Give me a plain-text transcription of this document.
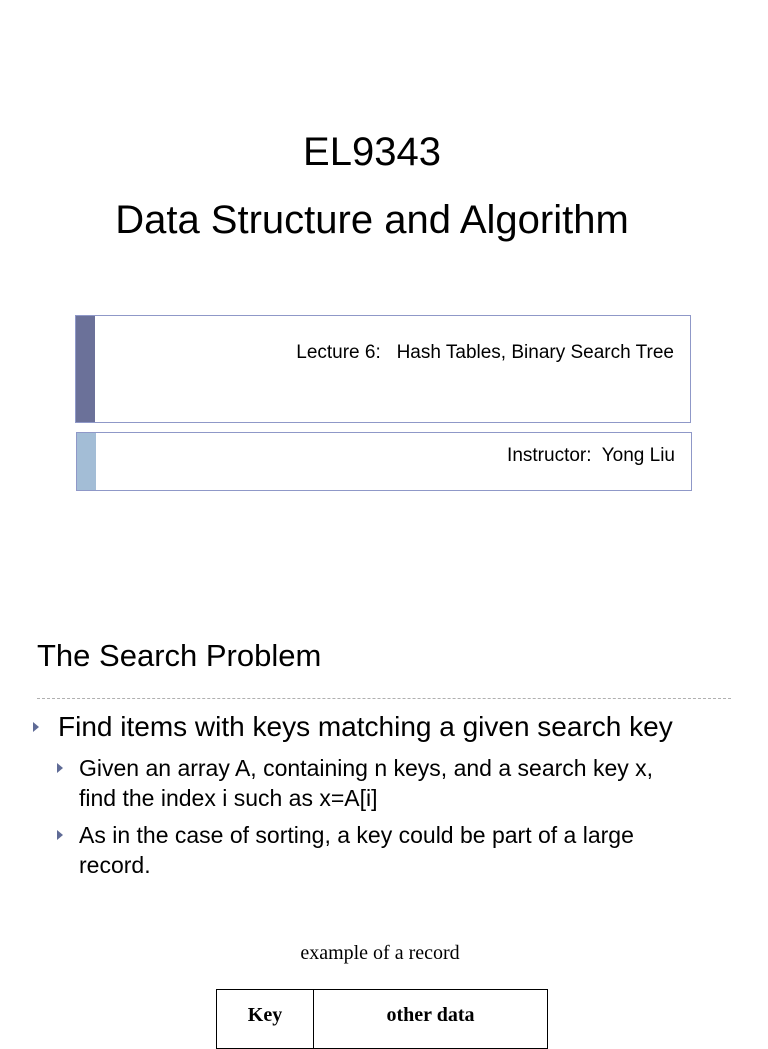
EL9343
Data Structure and Algorithm
Lecture 6:   Hash Tables, Binary Search Tree
Instructor:  Yong Liu
The Search Problem
Find items with keys matching a given search key
Given an array A, containing n keys, and a search key x,
find the index i such as x=A[i]
As in the case of sorting, a key could be part of a large
record.
example of a record
Key	other data
